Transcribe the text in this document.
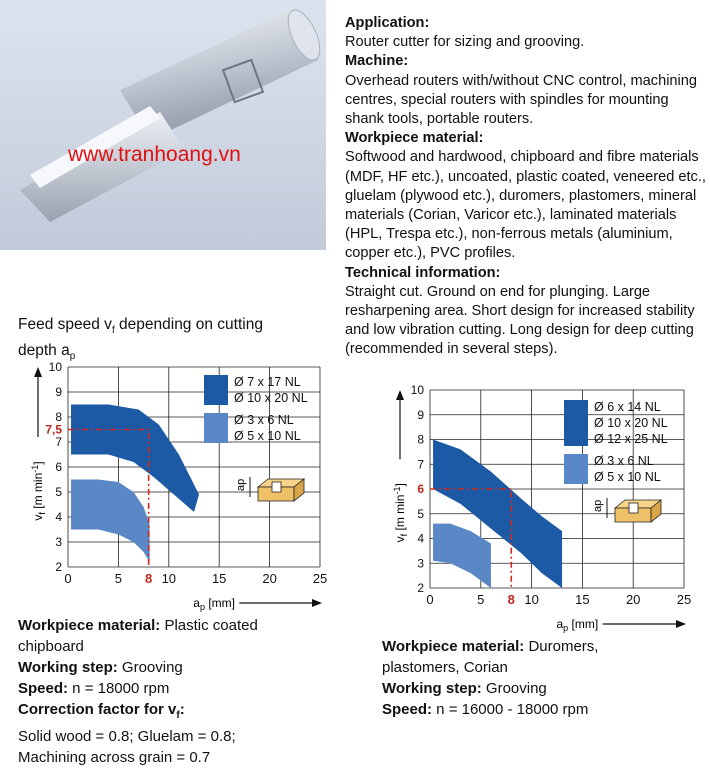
www.tranhoang.vn
Application:
Router cutter for sizing and grooving.
Machine:
Overhead routers with/without CNC control, machining centres, special routers with spindles for mounting shank tools, portable routers.
Workpiece material:
Softwood and hardwood, chipboard and fibre materials (MDF, HF etc.), uncoated, plastic coated, veneered etc., gluelam (plywood etc.), duromers, plastomers, mineral materials (Corian, Varicor etc.), laminated materials (HPL, Trespa etc.), non-ferrous metals (aluminium, copper etc.), PVC profiles.
Technical information:
Straight cut. Ground on end for plunging. Large resharpening area. Short design for increased stability and low vibration cutting. Long design for deep cutting (recommended in several steps).
Feed speed $v_f$ depending on cutting
depth $a_p$
0	5 8 10	15	20	25
2
3
4
5
6
7
7,5
8
9
10
Ø 7 x 17 NL
Ø 10 x 20 NL
Ø 3 x 6 NL
Ø 5 x 10 NL
ap
$a_p$ [mm]
$v_f$ [m $\min^{-1}$]
0	5 8 10	15	20	25
2
3
4
5
6
7
8
9
10
Ø 6 x 14 NL
Ø 10 x 20 NL
Ø 12 x 25 NL
Ø 3 x 6 NL
Ø 5 x 10 NL
ap
$a_p$ [mm]
$v_f$ [m $\min^{-1}$]
Workpiece material: Plastic coated
chipboard
Working step: Grooving
Speed: n = 18000 rpm
Correction factor for $v_f$:
Solid wood = 0.8; Gluelam = 0.8;
Machining across grain = 0.7
Workpiece material: Duromers,
plastomers, Corian
Working step: Grooving
Speed: n = 16000 - 18000 rpm
